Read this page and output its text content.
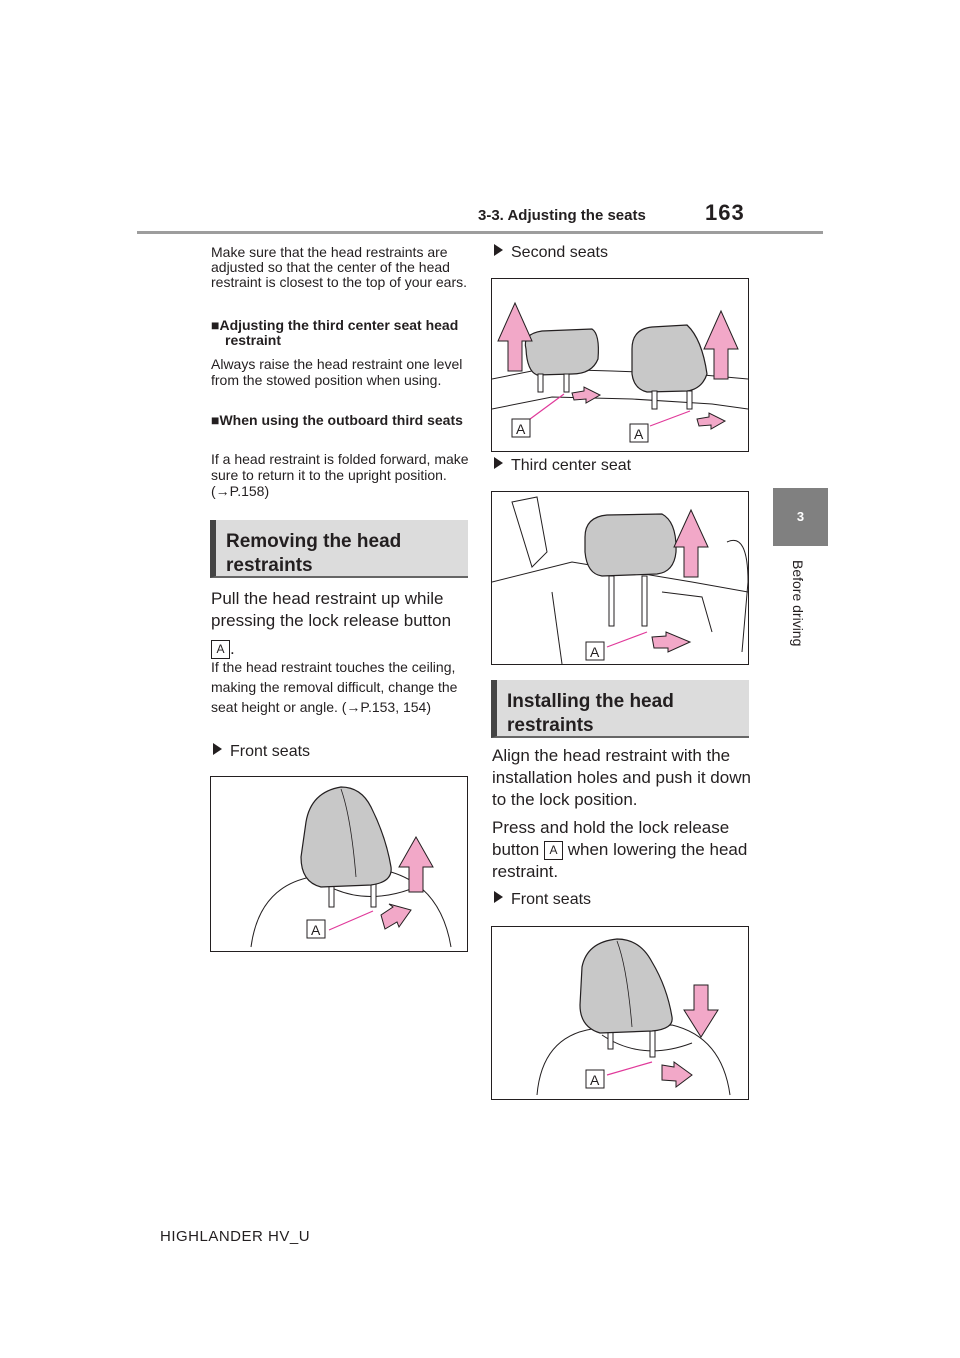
3-3. Adjusting the seats	163
3
Before driving
Make sure that the head restraints are adjusted so that the center of the head restraint is closest to the top of your ears.
■Adjusting the third center seat head restraint
Always raise the head restraint one level from the stowed position when using.
■When using the outboard third seats
If a head restraint is folded forward, make sure to return it to the upright position. (→P.158)
Removing the head restraints
Pull the head restraint up while pressing the lock release button
A .
If the head restraint touches the ceiling, making the removal difficult, change the seat height or angle. (→P.153, 154)
Front seats
A
Second seats
A	A
Third center seat
A
Installing the head restraints
Align the head restraint with the installation holes and push it down to the lock position.
Press and hold the lock release button A when lowering the head restraint.
Front seats
A
HIGHLANDER HV_U
